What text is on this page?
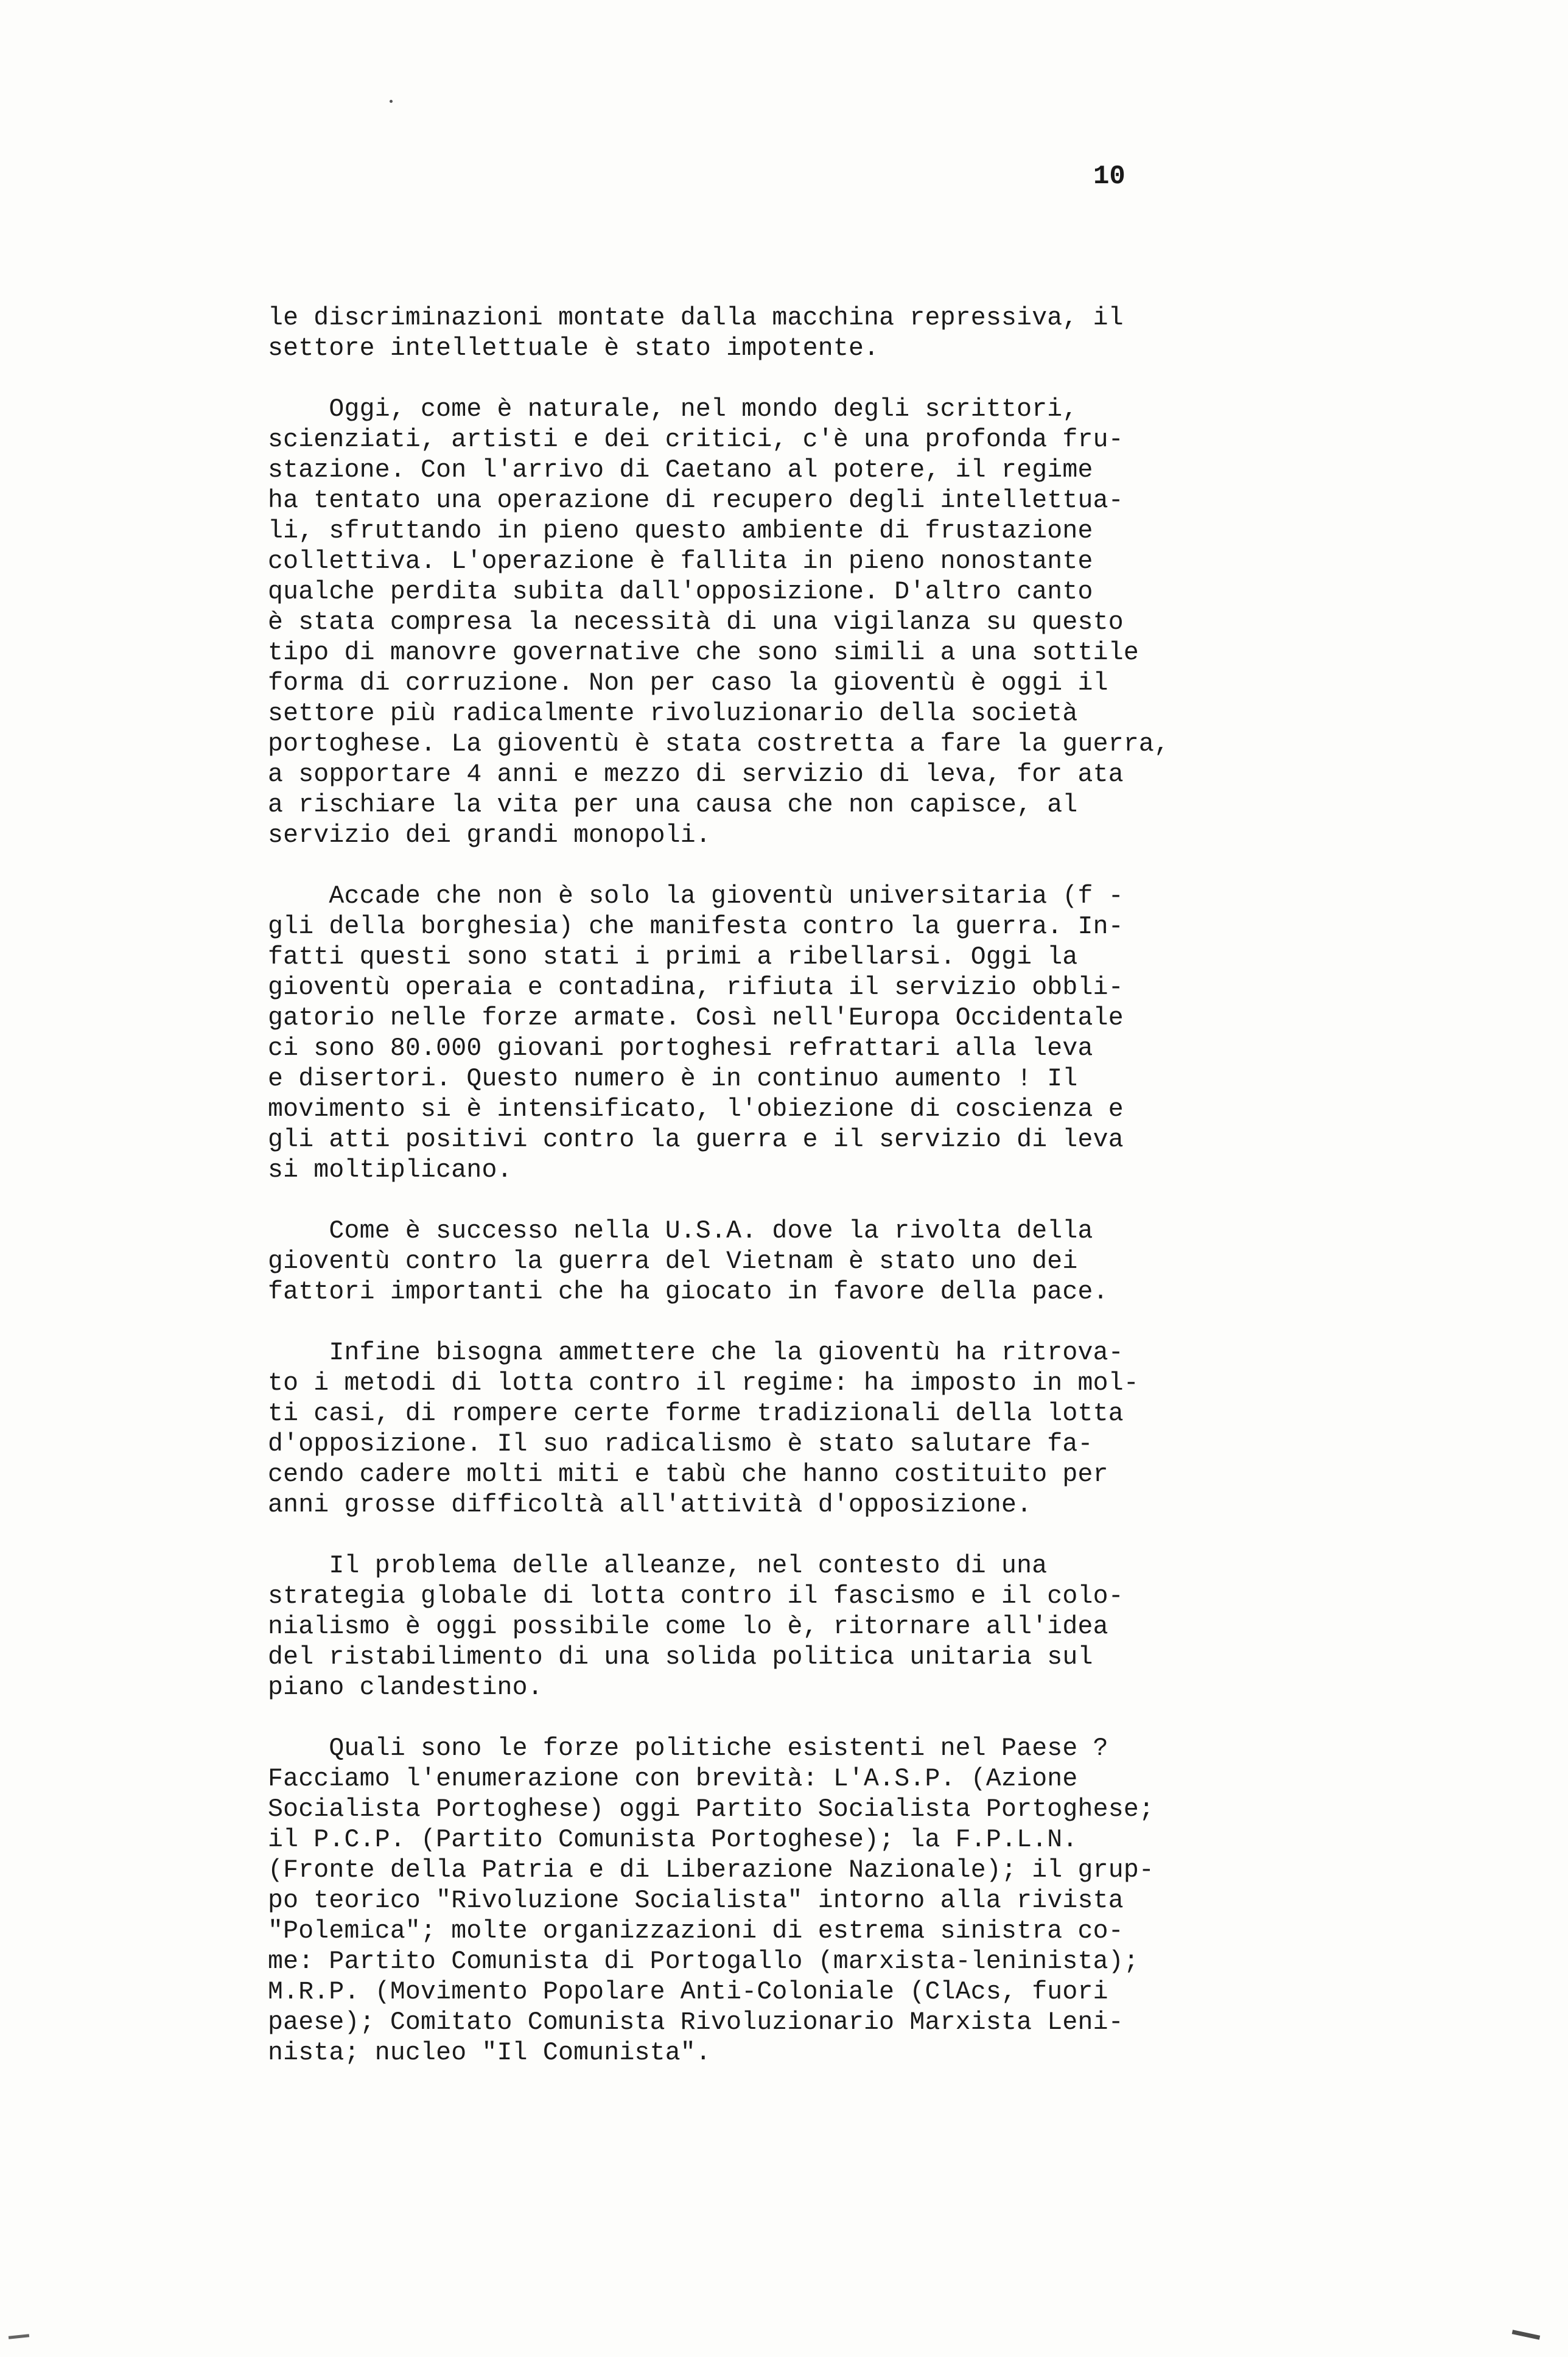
10
le discriminazioni montate dalla macchina repressiva, il
settore intellettuale è stato impotente.
Oggi, come è naturale, nel mondo degli scrittori,
scienziati, artisti e dei critici, c'è una profonda fru-
stazione. Con l'arrivo di Caetano al potere, il regime
ha tentato una operazione di recupero degli intellettua-
li, sfruttando in pieno questo ambiente di frustazione
collettiva. L'operazione è fallita in pieno nonostante
qualche perdita subita dall'opposizione. D'altro canto
è stata compresa la necessità di una vigilanza su questo
tipo di manovre governative che sono simili a una sottile
forma di corruzione. Non per caso la gioventù è oggi il
settore più radicalmente rivoluzionario della società
portoghese. La gioventù è stata costretta a fare la guerra,
a sopportare 4 anni e mezzo di servizio di leva, for ata
a rischiare la vita per una causa che non capisce, al
servizio dei grandi monopoli.
Accade che non è solo la gioventù universitaria (f -
gli della borghesia) che manifesta contro la guerra. In-
fatti questi sono stati i primi a ribellarsi. Oggi la
gioventù operaia e contadina, rifiuta il servizio obbli-
gatorio nelle forze armate. Così nell'Europa Occidentale
ci sono 80.000 giovani portoghesi refrattari alla leva
e disertori. Questo numero è in continuo aumento ! Il
movimento si è intensificato, l'obiezione di coscienza e
gli atti positivi contro la guerra e il servizio di leva
si moltiplicano.
Come è successo nella U.S.A. dove la rivolta della
gioventù contro la guerra del Vietnam è stato uno dei
fattori importanti che ha giocato in favore della pace.
Infine bisogna ammettere che la gioventù ha ritrova-
to i metodi di lotta contro il regime: ha imposto in mol-
ti casi, di rompere certe forme tradizionali della lotta
d'opposizione. Il suo radicalismo è stato salutare fa-
cendo cadere molti miti e tabù che hanno costituito per
anni grosse difficoltà all'attività d'opposizione.
Il problema delle alleanze, nel contesto di una
strategia globale di lotta contro il fascismo e il colo-
nialismo è oggi possibile come lo è, ritornare all'idea
del ristabilimento di una solida politica unitaria sul
piano clandestino.
Quali sono le forze politiche esistenti nel Paese ?
Facciamo l'enumerazione con brevità: L'A.S.P. (Azione
Socialista Portoghese) oggi Partito Socialista Portoghese;
il P.C.P. (Partito Comunista Portoghese); la F.P.L.N.
(Fronte della Patria e di Liberazione Nazionale); il grup-
po teorico "Rivoluzione Socialista" intorno alla rivista
"Polemica"; molte organizzazioni di estrema sinistra co-
me: Partito Comunista di Portogallo (marxista-leninista);
M.R.P. (Movimento Popolare Anti-Coloniale (ClAcs, fuori
paese); Comitato Comunista Rivoluzionario Marxista Leni-
nista; nucleo "Il Comunista".
